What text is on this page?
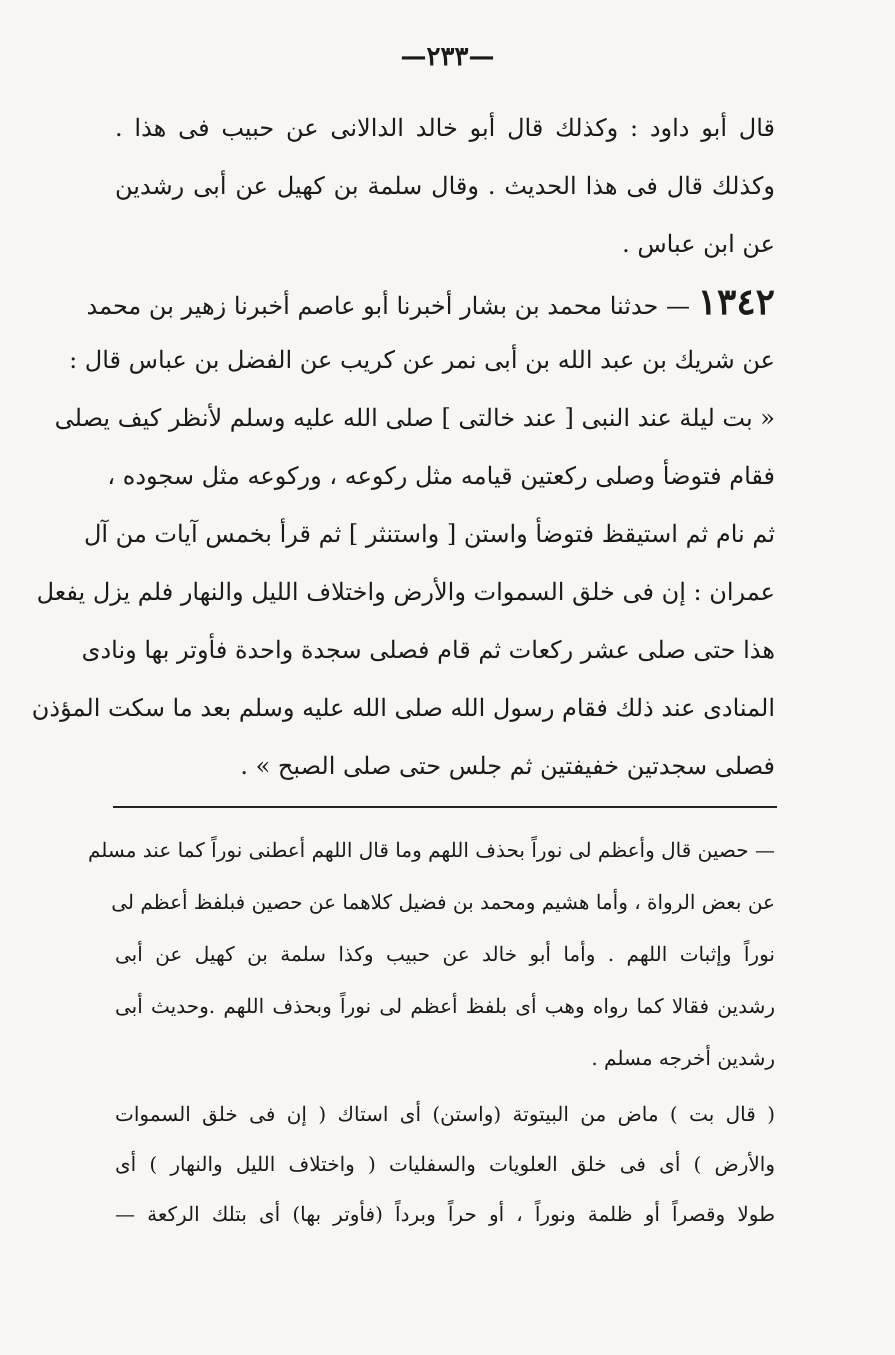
—٢٣٣—
قال أبو داود : وكذلك قال أبو خالد الدالانى عن حبيب فى هذا .
وكذلك قال فى هذا الحديث . وقال سلمة بن كهيل عن أبى رشدين
عن ابن عباس .
١٣٤٢ — حدثنا محمد بن بشار أخبرنا أبو عاصم أخبرنا زهير بن محمد
عن شريك بن عبد الله بن أبى نمر عن كريب عن الفضل بن عباس قال :
« بت ليلة عند النبى [ عند خالتى ] صلى الله عليه وسلم لأنظر كيف يصلى
فقام فتوضأ وصلى ركعتين قيامه مثل ركوعه ، وركوعه مثل سجوده ،
ثم نام ثم استيقظ فتوضأ واستن [ واستنثر ] ثم قرأ بخمس آيات من آل
عمران : إن فى خلق السموات والأرض واختلاف الليل والنهار فلم يزل يفعل
هذا حتى صلى عشر ركعات ثم قام فصلى سجدة واحدة فأوتر بها ونادى
المنادى عند ذلك فقام رسول الله صلى الله عليه وسلم بعد ما سكت المؤذن
فصلى سجدتين خفيفتين ثم جلس حتى صلى الصبح » .
— حصين قال وأعظم لى نوراً بحذف اللهم وما قال اللهم أعطنى نوراً كما عند مسلم
عن بعض الرواة ، وأما هشيم ومحمد بن فضيل كلاهما عن حصين فبلفظ أعظم لى
نوراً وإثبات اللهم . وأما أبو خالد عن حبيب وكذا سلمة بن كهيل عن أبى
رشدين فقالا كما رواه وهب أى بلفظ أعظم لى نوراً وبحذف اللهم .وحديث أبى
رشدين أخرجه مسلم .
( قال بت ) ماض من البيتوتة (واستن) أى استاك ( إن فى خلق السموات
والأرض ) أى فى خلق العلويات والسفليات ( واختلاف الليل والنهار ) أى
طولا وقصراً أو ظلمة ونوراً ، أو حراً وبرداً (فأوتر بها) أى بتلك الركعة —
